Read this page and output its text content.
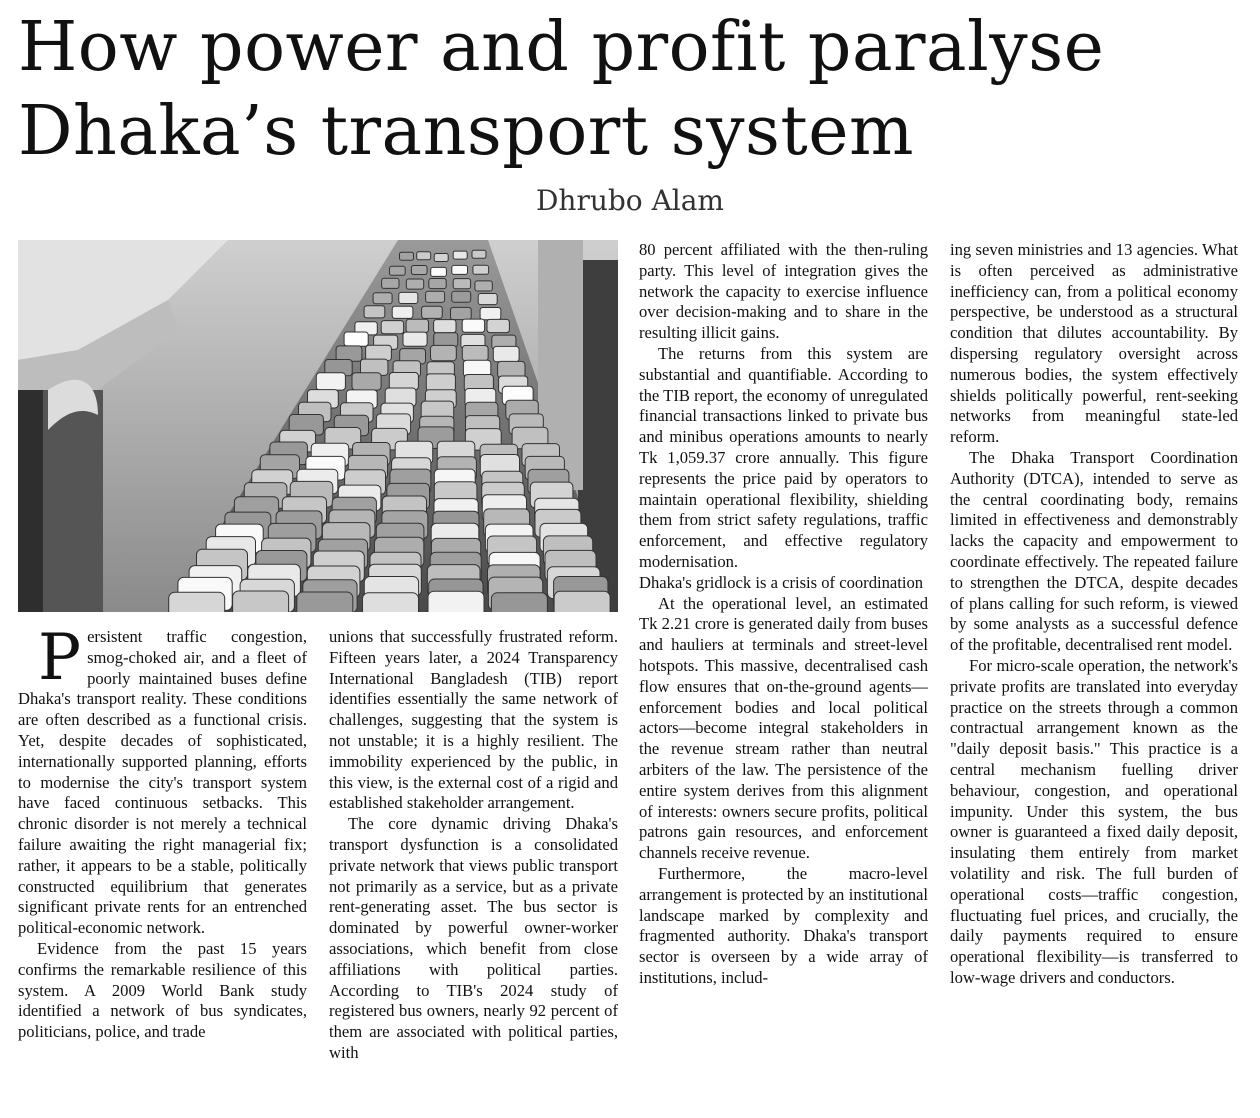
How power and profit paralyse Dhaka’s transport system
Dhrubo Alam

Persistent traffic congestion, smog-choked air, and a fleet of poorly maintained buses define Dhaka's transport reality. These conditions are often described as a functional crisis. Yet, despite decades of sophisticated, internationally supported planning, efforts to modernise the city's transport system have faced continuous setbacks. This chronic disorder is not merely a technical failure awaiting the right managerial fix; rather, it appears to be a stable, politically constructed equilibrium that generates significant private rents for an entrenched political-economic network.

Evidence from the past 15 years confirms the remarkable resilience of this system. A 2009 World Bank study identified a network of bus syndicates, politicians, police, and trade

unions that successfully frustrated reform. Fifteen years later, a 2024 Transparency International Bangladesh (TIB) report identifies essentially the same network of challenges, suggesting that the system is not unstable; it is a highly resilient. The immobility experienced by the public, in this view, is the external cost of a rigid and established stakeholder arrangement.

The core dynamic driving Dhaka's transport dysfunction is a consolidated private network that views public transport not primarily as a service, but as a private rent-generating asset. The bus sector is dominated by powerful owner-worker associations, which benefit from close affiliations with political parties. According to TIB's 2024 study of registered bus owners, nearly 92 percent of them are associated with political parties, with

80 percent affiliated with the then-ruling party. This level of integration gives the network the capacity to exercise influence over decision-making and to share in the resulting illicit gains.

The returns from this system are substantial and quantifiable. According to the TIB report, the economy of unregulated financial transactions linked to private bus and minibus operations amounts to nearly Tk 1,059.37 crore annually. This figure represents the price paid by operators to maintain operational flexibility, shielding them from strict safety regulations, traffic enforcement, and effective regulatory modernisation.

Dhaka's gridlock is a crisis of coordination

At the operational level, an estimated Tk 2.21 crore is generated daily from buses and hauliers at terminals and street-level hotspots. This massive, decentralised cash flow ensures that on-the-ground agents—enforcement bodies and local political actors—become integral stakeholders in the revenue stream rather than neutral arbiters of the law. The persistence of the entire system derives from this alignment of interests: owners secure profits, political patrons gain resources, and enforcement channels receive revenue.

Furthermore, the macro-level arrangement is protected by an institutional landscape marked by complexity and fragmented authority. Dhaka's transport sector is overseen by a wide array of institutions, includ-

ing seven ministries and 13 agencies. What is often perceived as administrative inefficiency can, from a political economy perspective, be understood as a structural condition that dilutes accountability. By dispersing regulatory oversight across numerous bodies, the system effectively shields politically powerful, rent-seeking networks from meaningful state-led reform.

The Dhaka Transport Coordination Authority (DTCA), intended to serve as the central coordinating body, remains limited in effectiveness and demonstrably lacks the capacity and empowerment to coordinate effectively. The repeated failure to strengthen the DTCA, despite decades of plans calling for such reform, is viewed by some analysts as a successful defence of the profitable, decentralised rent model.

For micro-scale operation, the network's private profits are translated into everyday practice on the streets through a common contractual arrangement known as the "daily deposit basis." This practice is a central mechanism fuelling driver behaviour, congestion, and operational impunity. Under this system, the bus owner is guaranteed a fixed daily deposit, insulating them entirely from market volatility and risk. The full burden of operational costs—traffic congestion, fluctuating fuel prices, and crucially, the daily payments required to ensure operational flexibility—is transferred to low-wage drivers and conductors.
